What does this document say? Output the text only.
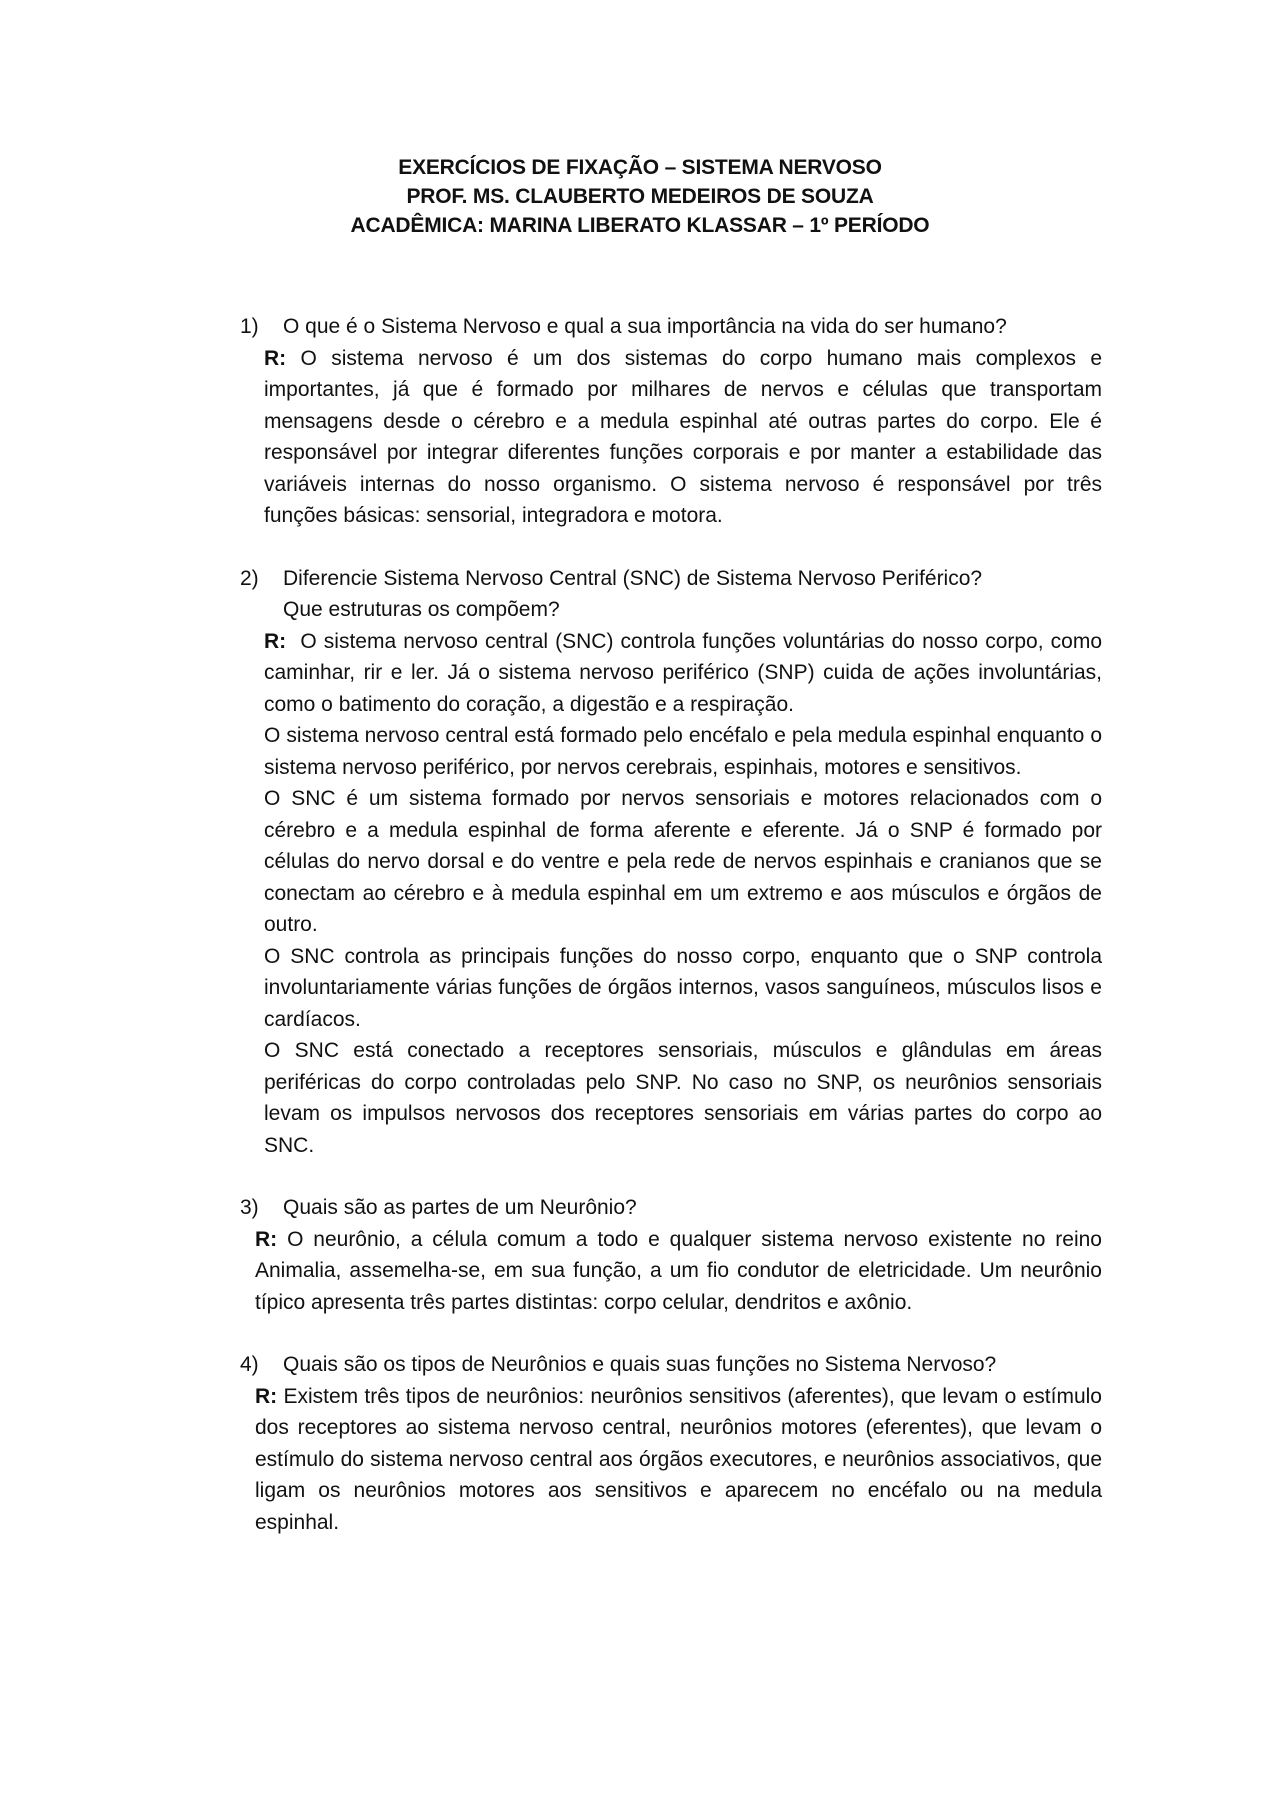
EXERCÍCIOS DE FIXAÇÃO – SISTEMA NERVOSO
PROF. MS. CLAUBERTO MEDEIROS DE SOUZA
ACADÊMICA: MARINA LIBERATO KLASSAR – 1º PERÍODO
1)	O que é o Sistema Nervoso e qual a sua importância na vida do ser humano?

R: O sistema nervoso é um dos sistemas do corpo humano mais complexos e importantes, já que é formado por milhares de nervos e células que transportam mensagens desde o cérebro e a medula espinhal até outras partes do corpo. Ele é responsável por integrar diferentes funções corporais e por manter a estabilidade das variáveis internas do nosso organismo. O sistema nervoso é responsável por três funções básicas: sensorial, integradora e motora.

2)	Diferencie Sistema Nervoso Central (SNC) de Sistema Nervoso Periférico?
Que estruturas os compõem?

R: O sistema nervoso central (SNC) controla funções voluntárias do nosso corpo, como caminhar, rir e ler. Já o sistema nervoso periférico (SNP) cuida de ações involuntárias, como o batimento do coração, a digestão e a respiração.

O sistema nervoso central está formado pelo encéfalo e pela medula espinhal enquanto o sistema nervoso periférico, por nervos cerebrais, espinhais, motores e sensitivos.

O SNC é um sistema formado por nervos sensoriais e motores relacionados com o cérebro e a medula espinhal de forma aferente e eferente. Já o SNP é formado por células do nervo dorsal e do ventre e pela rede de nervos espinhais e cranianos que se conectam ao cérebro e à medula espinhal em um extremo e aos músculos e órgãos de outro.

O SNC controla as principais funções do nosso corpo, enquanto que o SNP controla involuntariamente várias funções de órgãos internos, vasos sanguíneos, músculos lisos e cardíacos.

O SNC está conectado a receptores sensoriais, músculos e glândulas em áreas periféricas do corpo controladas pelo SNP. No caso no SNP, os neurônios sensoriais levam os impulsos nervosos dos receptores sensoriais em várias partes do corpo ao SNC.

3)	Quais são as partes de um Neurônio?

R: O neurônio, a célula comum a todo e qualquer sistema nervoso existente no reino Animalia, assemelha-se, em sua função, a um fio condutor de eletricidade. Um neurônio típico apresenta três partes distintas: corpo celular, dendritos e axônio.

4)	Quais são os tipos de Neurônios e quais suas funções no Sistema Nervoso?

R: Existem três tipos de neurônios: neurônios sensitivos (aferentes), que levam o estímulo dos receptores ao sistema nervoso central, neurônios motores (eferentes), que levam o estímulo do sistema nervoso central aos órgãos executores, e neurônios associativos, que ligam os neurônios motores aos sensitivos e aparecem no encéfalo ou na medula espinhal.
